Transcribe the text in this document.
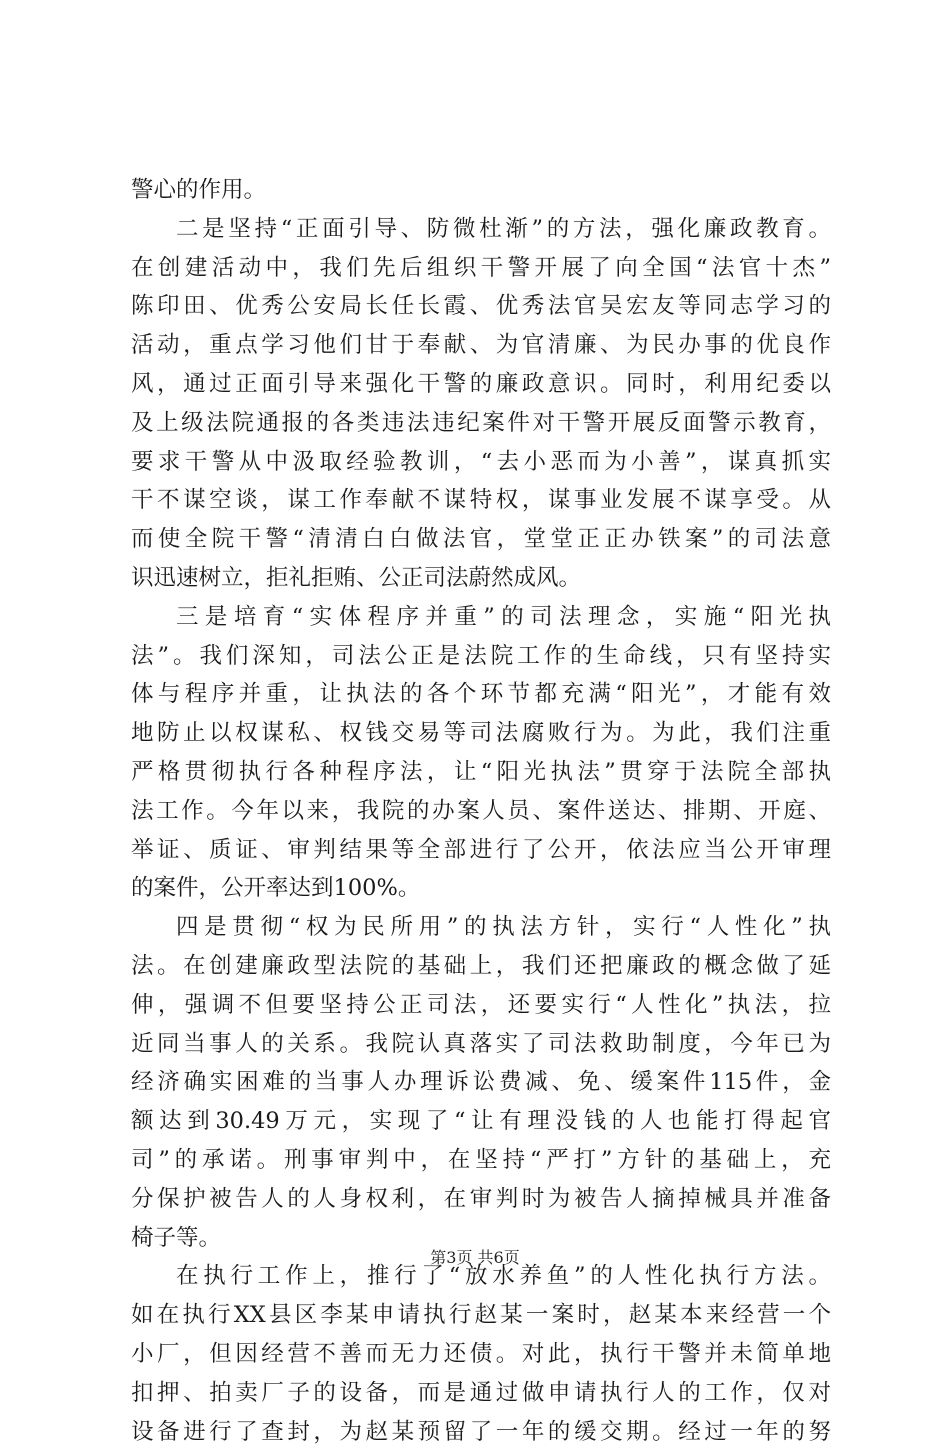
警心的作用。
二是坚持“正面引导、防微杜渐”的方法，强化廉政教育。
在创建活动中，我们先后组织干警开展了向全国“法官十杰”
陈印田、优秀公安局长任长霞、优秀法官吴宏友等同志学习的
活动，重点学习他们甘于奉献、为官清廉、为民办事的优良作
风，通过正面引导来强化干警的廉政意识。同时，利用纪委以
及上级法院通报的各类违法违纪案件对干警开展反面警示教育，
要求干警从中汲取经验教训，“去小恶而为小善”，谋真抓实
干不谋空谈，谋工作奉献不谋特权，谋事业发展不谋享受。从
而使全院干警“清清白白做法官，堂堂正正办铁案”的司法意
识迅速树立，拒礼拒贿、公正司法蔚然成风。
三是培育“实体程序并重”的司法理念，实施“阳光执
法”。我们深知，司法公正是法院工作的生命线，只有坚持实
体与程序并重，让执法的各个环节都充满“阳光”，才能有效
地防止以权谋私、权钱交易等司法腐败行为。为此，我们注重
严格贯彻执行各种程序法，让“阳光执法”贯穿于法院全部执
法工作。今年以来，我院的办案人员、案件送达、排期、开庭、
举证、质证、审判结果等全部进行了公开，依法应当公开审理
的案件，公开率达到100%。
四是贯彻“权为民所用”的执法方针，实行“人性化”执
法。在创建廉政型法院的基础上，我们还把廉政的概念做了延
伸，强调不但要坚持公正司法，还要实行“人性化”执法，拉
近同当事人的关系。我院认真落实了司法救助制度，今年已为
经济确实困难的当事人办理诉讼费减、免、缓案件115件，金
额达到30.49万元，实现了“让有理没钱的人也能打得起官
司”的承诺。刑事审判中，在坚持“严打”方针的基础上，充
分保护被告人的人身权利，在审判时为被告人摘掉械具并准备
椅子等。
在执行工作上，推行了“放水养鱼”的人性化执行方法。
如在执行XX县区李某申请执行赵某一案时，赵某本来经营一个
小厂，但因经营不善而无力还债。对此，执行干警并未简单地
扣押、拍卖厂子的设备，而是通过做申请执行人的工作，仅对
设备进行了查封，为赵某预留了一年的缓交期。经过一年的努
第3页 共6页
